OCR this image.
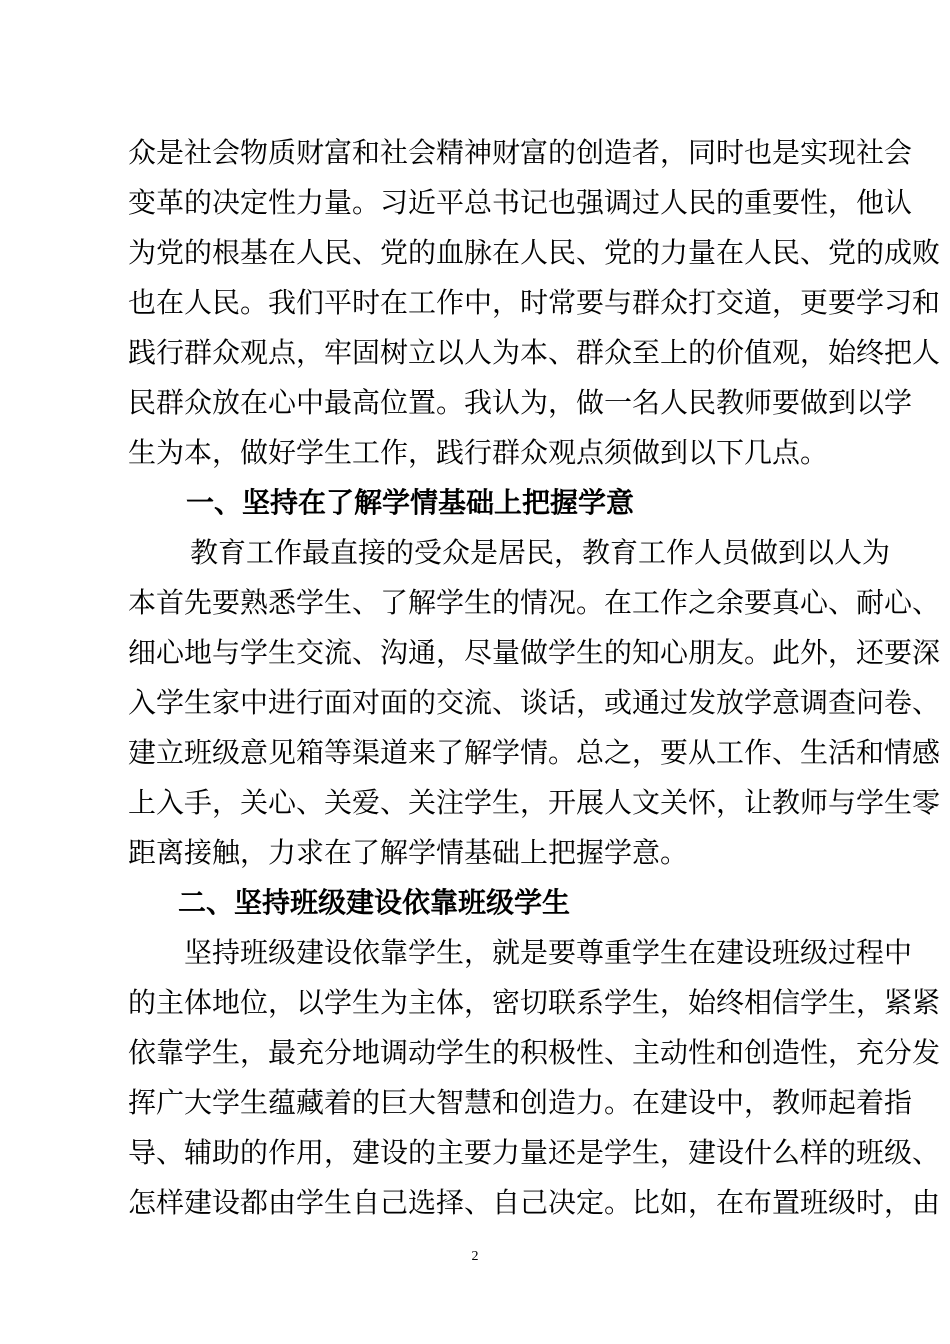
众是社会物质财富和社会精神财富的创造者，同时也是实现社会
变革的决定性力量。习近平总书记也强调过人民的重要性，他认
为党的根基在人民、党的血脉在人民、党的力量在人民、党的成败
也在人民。我们平时在工作中，时常要与群众打交道，更要学习和
践行群众观点，牢固树立以人为本、群众至上的价值观，始终把人
民群众放在心中最高位置。我认为，做一名人民教师要做到以学
生为本，做好学生工作，践行群众观点须做到以下几点。
一、坚持在了解学情基础上把握学意
教育工作最直接的受众是居民，教育工作人员做到以人为
本首先要熟悉学生、了解学生的情况。在工作之余要真心、耐心、
细心地与学生交流、沟通，尽量做学生的知心朋友。此外，还要深
入学生家中进行面对面的交流、谈话，或通过发放学意调查问卷、
建立班级意见箱等渠道来了解学情。总之，要从工作、生活和情感
上入手，关心、关爱、关注学生，开展人文关怀，让教师与学生零
距离接触，力求在了解学情基础上把握学意。
二、坚持班级建设依靠班级学生
坚持班级建设依靠学生，就是要尊重学生在建设班级过程中
的主体地位，以学生为主体，密切联系学生，始终相信学生，紧紧
依靠学生，最充分地调动学生的积极性、主动性和创造性，充分发
挥广大学生蕴藏着的巨大智慧和创造力。在建设中，教师起着指
导、辅助的作用，建设的主要力量还是学生，建设什么样的班级、
怎样建设都由学生自己选择、自己决定。比如，在布置班级时，由
2
